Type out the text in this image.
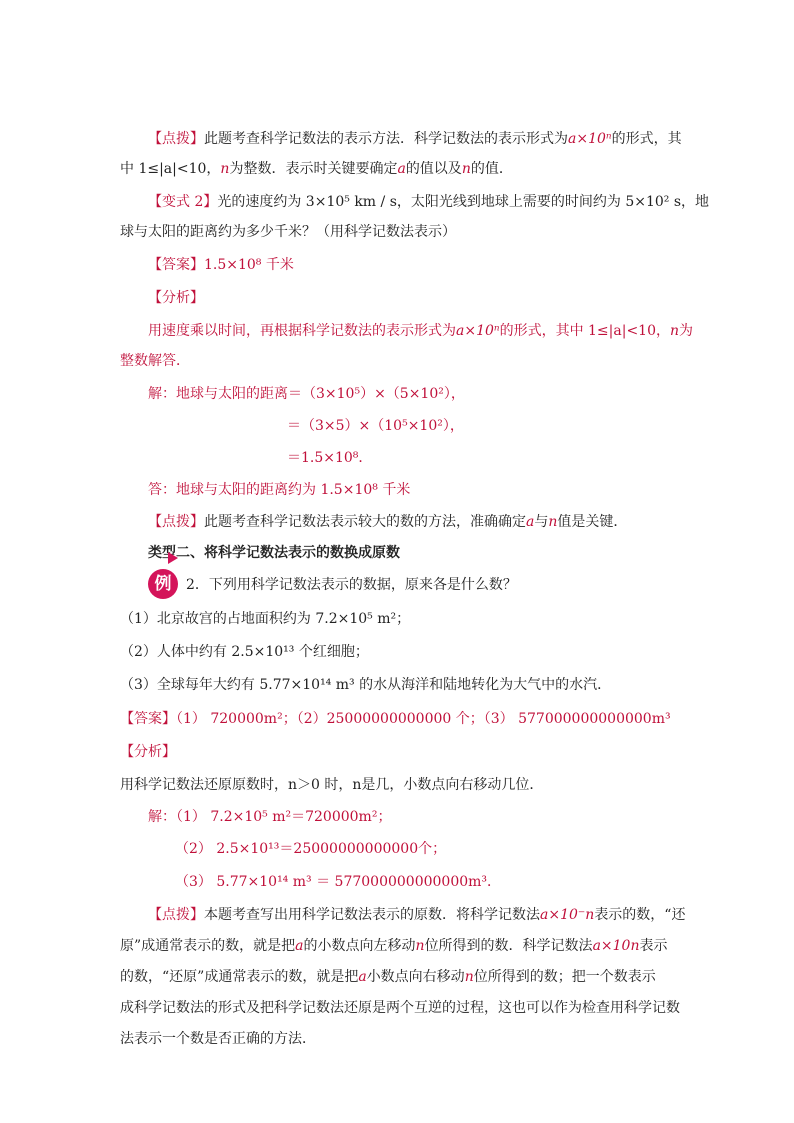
【点拨】此题考查科学记数法的表示方法．科学记数法的表示形式为a×10ⁿ的形式，其
中 1≤|a|<10，n为整数．表示时关键要确定a的值以及n的值．
【变式 2】光的速度约为 3×10⁵ km / s，太阳光线到地球上需要的时间约为 5×10² s，地
球与太阳的距离约为多少千米？（用科学记数法表示）
【答案】1.5×10⁸ 千米
【分析】
用速度乘以时间，再根据科学记数法的表示形式为a×10ⁿ的形式，其中 1≤|a|<10，n为
整数解答．
解：地球与太阳的距离＝（3×10⁵）×（5×10²），
＝（3×5）×（10⁵×10²），
＝1.5×10⁸．
答：地球与太阳的距离约为 1.5×10⁸ 千米
【点拨】此题考查科学记数法表示较大的数的方法，准确确定a与n值是关键．
类型二、将科学记数法表示的数换成原数
例	2．下列用科学记数法表示的数据，原来各是什么数？
（1）北京故宫的占地面积约为 7.2×10⁵ m²；
（2）人体中约有 2.5×10¹³ 个红细胞；
（3）全球每年大约有 5.77×10¹⁴ m³ 的水从海洋和陆地转化为大气中的水汽．
【答案】（1） 720000m²；（2）25000000000000 个；（3） 577000000000000m³
【分析】
用科学记数法还原原数时，n＞0 时，n是几，小数点向右移动几位．
解：（1） 7.2×10⁵ m²＝720000m²；
（2） 2.5×10¹³＝25000000000000个；
（3） 5.77×10¹⁴ m³ ＝ 577000000000000m³．
【点拨】本题考查写出用科学记数法表示的原数．将科学记数法a×10⁻n表示的数，“还
原”成通常表示的数，就是把a的小数点向左移动n位所得到的数．科学记数法a×10n表示
的数，“还原”成通常表示的数，就是把a小数点向右移动n位所得到的数；把一个数表示
成科学记数法的形式及把科学记数法还原是两个互逆的过程，这也可以作为检查用科学记数
法表示一个数是否正确的方法．
